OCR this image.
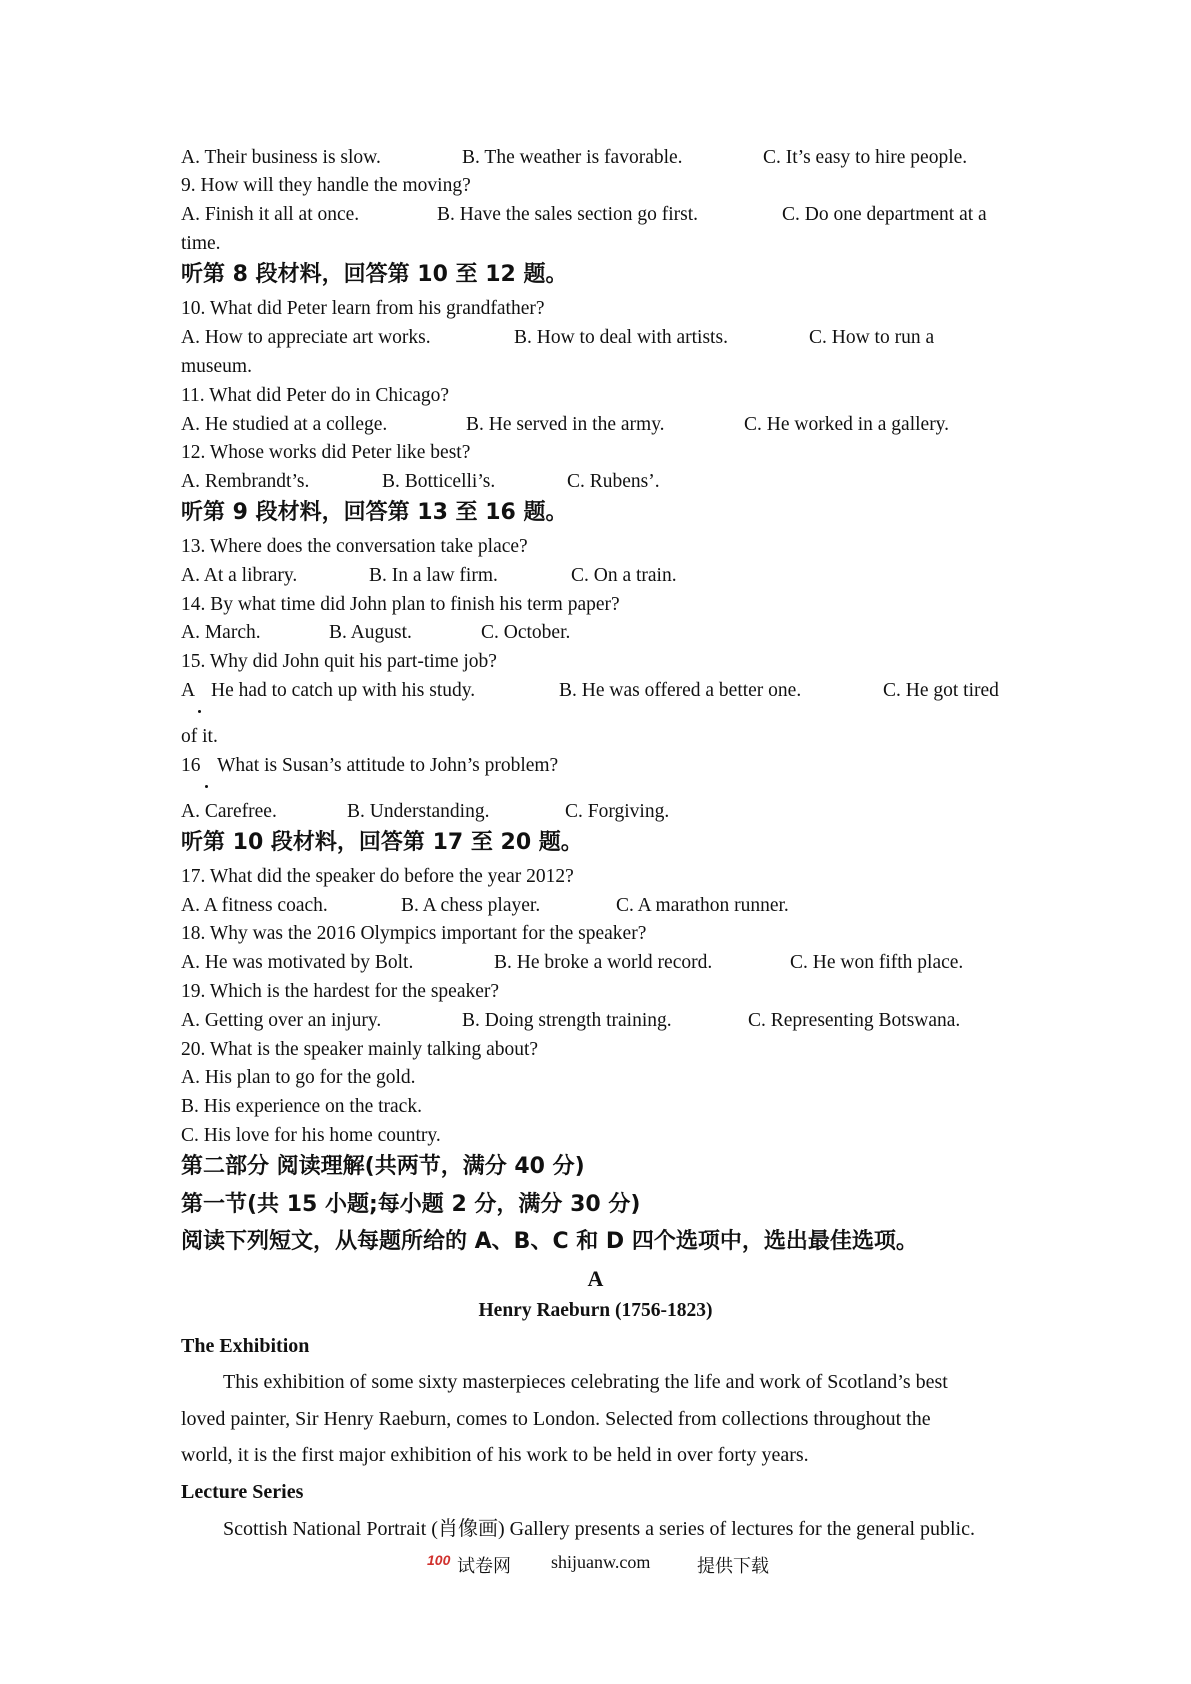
A. Their business is slow.	B. The weather is favorable.	C. It’s easy to hire people.
9. How will they handle the moving?
A. Finish it all at once.	B. Have the sales section go first.	C. Do one department at a
time.
听第 8 段材料，回答第 10 至 12 题。
10. What did Peter learn from his grandfather?
A. How to appreciate art works.	B. How to deal with artists.	C. How to run a
museum.
11. What did Peter do in Chicago?
A. He studied at a college.	B. He served in the army.	C. He worked in a gallery.
12. Whose works did Peter like best?
A. Rembrandt’s.	B. Botticelli’s.	C. Rubens’.
听第 9 段材料，回答第 13 至 16 题。
13. Where does the conversation take place?
A. At a library.	B. In a law firm.	C. On a train.
14. By what time did John plan to finish his term paper?
A. March.	B. August.	C. October.
15. Why did John quit his part-time job?
A He had to catch up with his study.	B. He was offered a better one.	C. He got tired
of it.
16 What is Susan’s attitude to John’s problem?
A. Carefree.	B. Understanding.	C. Forgiving.
听第 10 段材料，回答第 17 至 20 题。
17. What did the speaker do before the year 2012?
A. A fitness coach.	B. A chess player.	C. A marathon runner.
18. Why was the 2016 Olympics important for the speaker?
A. He was motivated by Bolt.	B. He broke a world record.	C. He won fifth place.
19. Which is the hardest for the speaker?
A. Getting over an injury.	B. Doing strength training.	C. Representing Botswana.
20. What is the speaker mainly talking about?
A. His plan to go for the gold.
B. His experience on the track.
C. His love for his home country.
第二部分 阅读理解(共两节，满分 40 分)
第一节(共 15 小题;每小题 2 分，满分 30 分)
阅读下列短文，从每题所给的 A、B、C 和 D 四个选项中，选出最佳选项。
A
Henry Raeburn (1756-1823)
The Exhibition
This exhibition of some sixty masterpieces celebrating the life and work of Scotland’s best
loved painter, Sir Henry Raeburn, comes to London. Selected from collections throughout the
world, it is the first major exhibition of his work to be held in over forty years.
Lecture Series
Scottish National Portrait (肖像画) Gallery presents a series of lectures for the general public.
100 试卷网 shijuanw.com	提供下载
